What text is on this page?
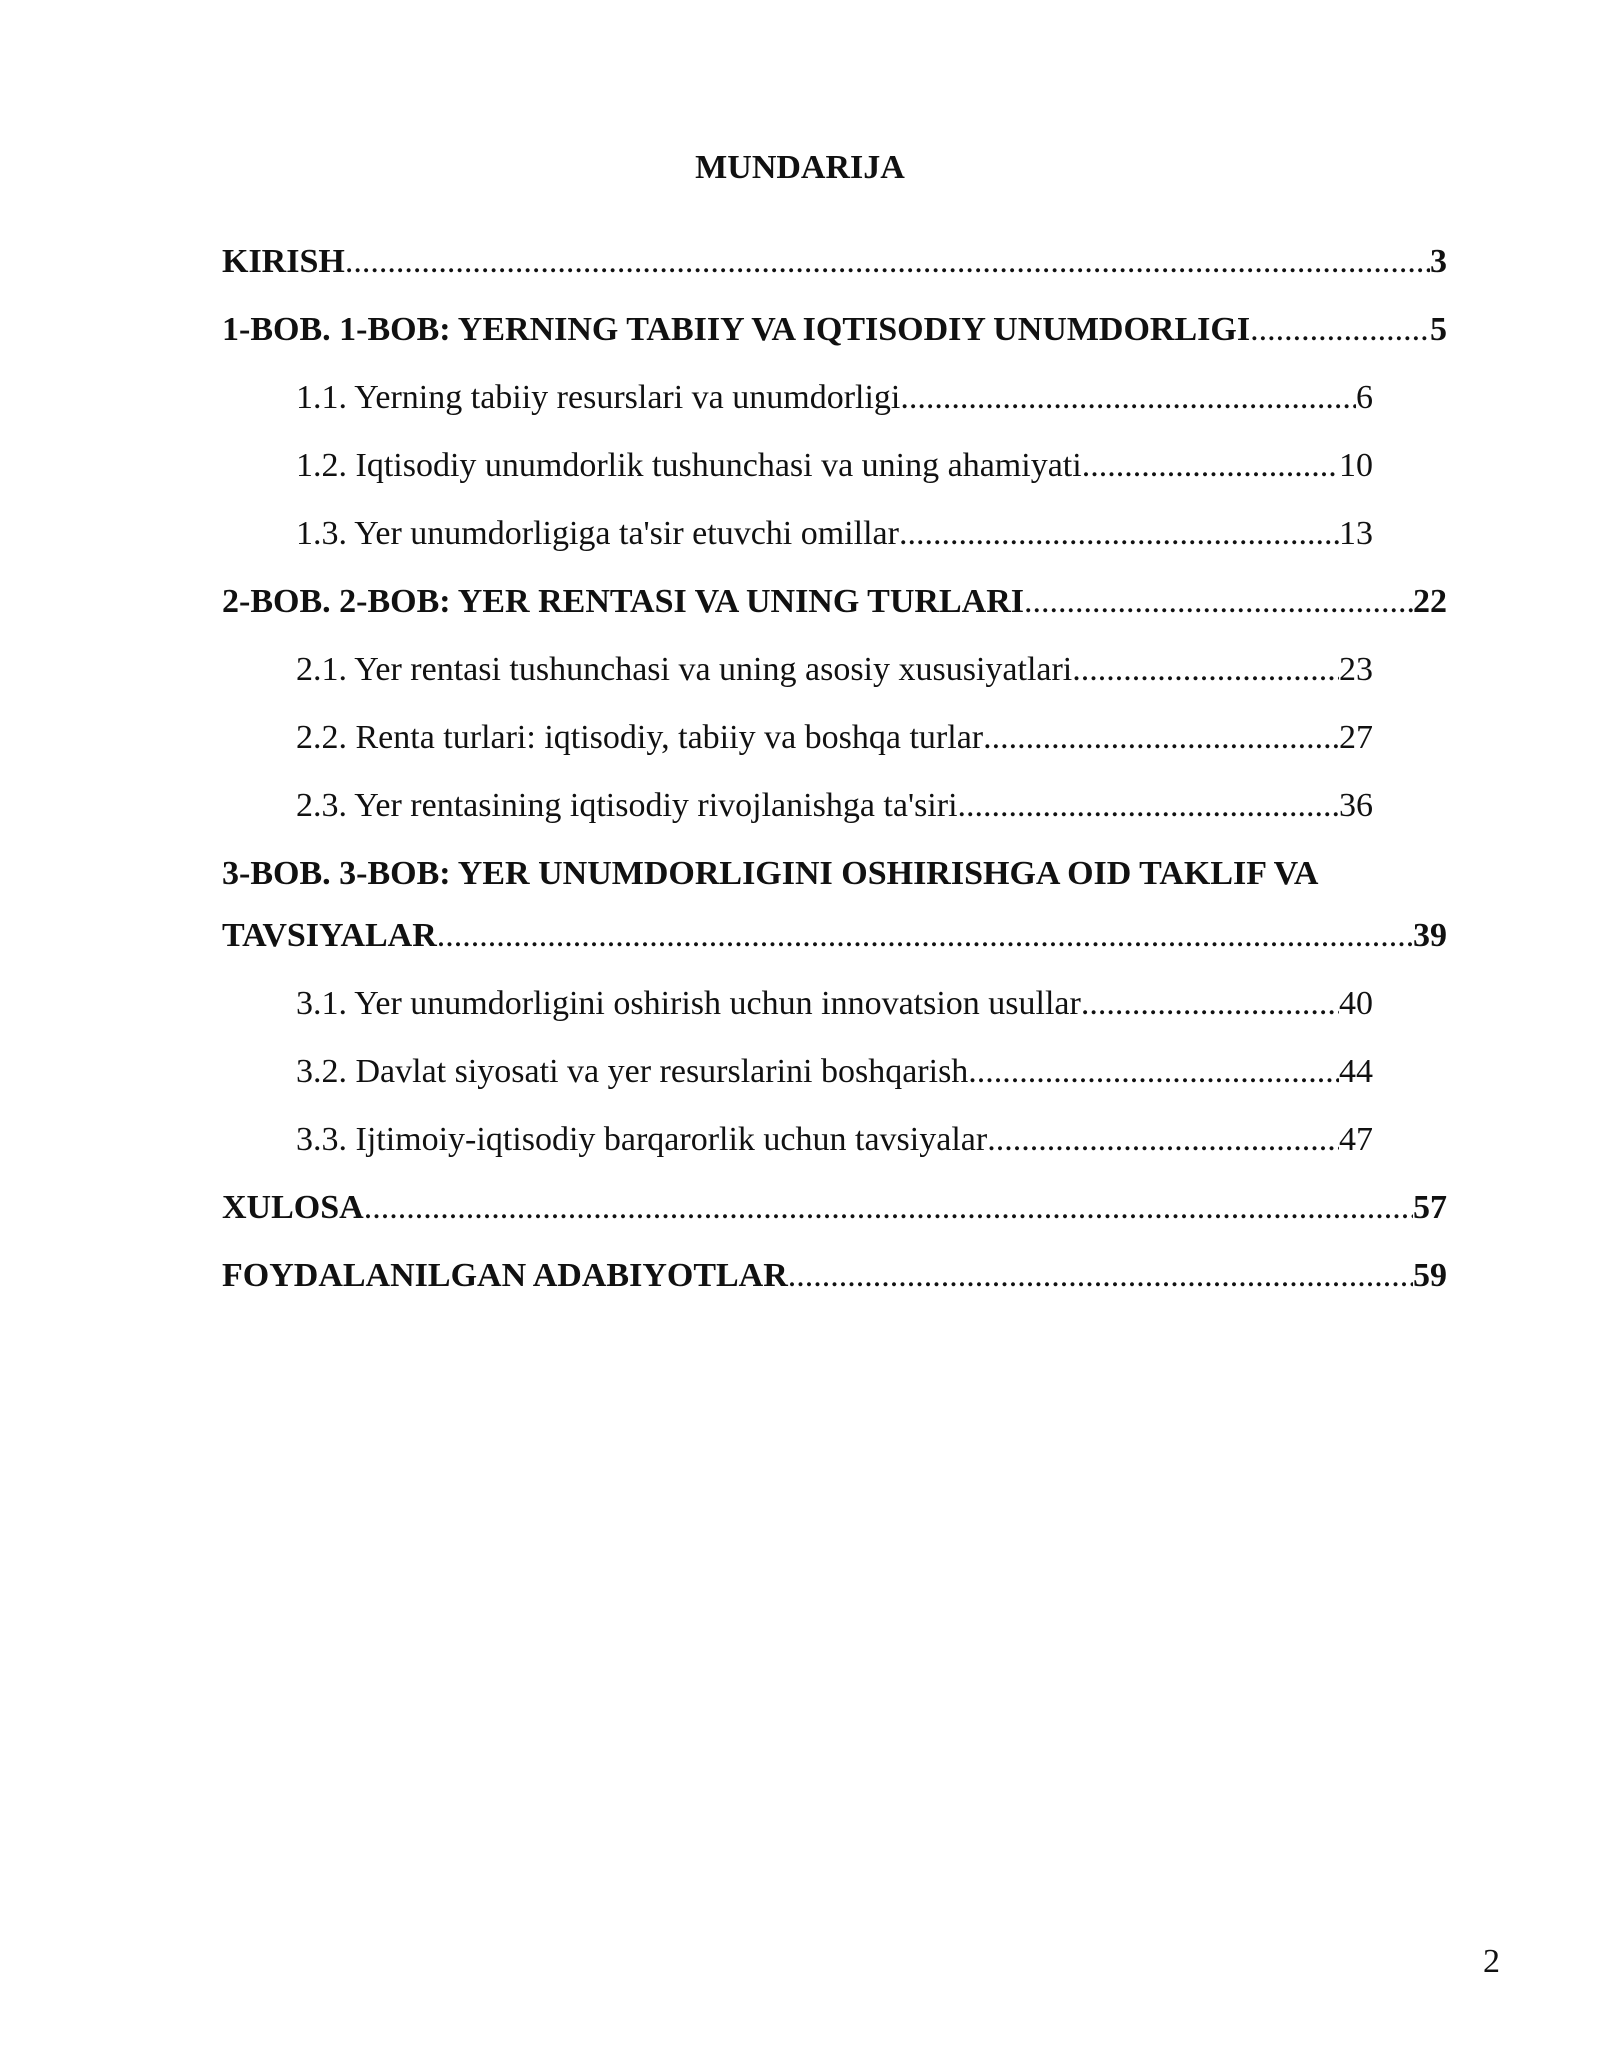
MUNDARIJA
KIRISH .....	3
1-BOB. 1-BOB: YERNING TABIIY VA IQTISODIY UNUMDORLIGI .....	5
1.1. Yerning tabiiy resurslari va unumdorligi .....	6
1.2. Iqtisodiy unumdorlik tushunchasi va uning ahamiyati .....	10
1.3. Yer unumdorligiga ta'sir etuvchi omillar .....	13
2-BOB. 2-BOB: YER RENTASI VA UNING TURLARI .....	22
2.1. Yer rentasi tushunchasi va uning asosiy xususiyatlari .....	23
2.2. Renta turlari: iqtisodiy, tabiiy va boshqa turlar .....	27
2.3. Yer rentasining iqtisodiy rivojlanishga ta'siri .....	36
3-BOB. 3-BOB: YER UNUMDORLIGINI OSHIRISHGA OID TAKLIF VA
TAVSIYALAR .....	39
3.1. Yer unumdorligini oshirish uchun innovatsion usullar .....	40
3.2. Davlat siyosati va yer resurslarini boshqarish .....	44
3.3. Ijtimoiy-iqtisodiy barqarorlik uchun tavsiyalar .....	47
XULOSA .....	57
FOYDALANILGAN ADABIYOTLAR .....	59
2
